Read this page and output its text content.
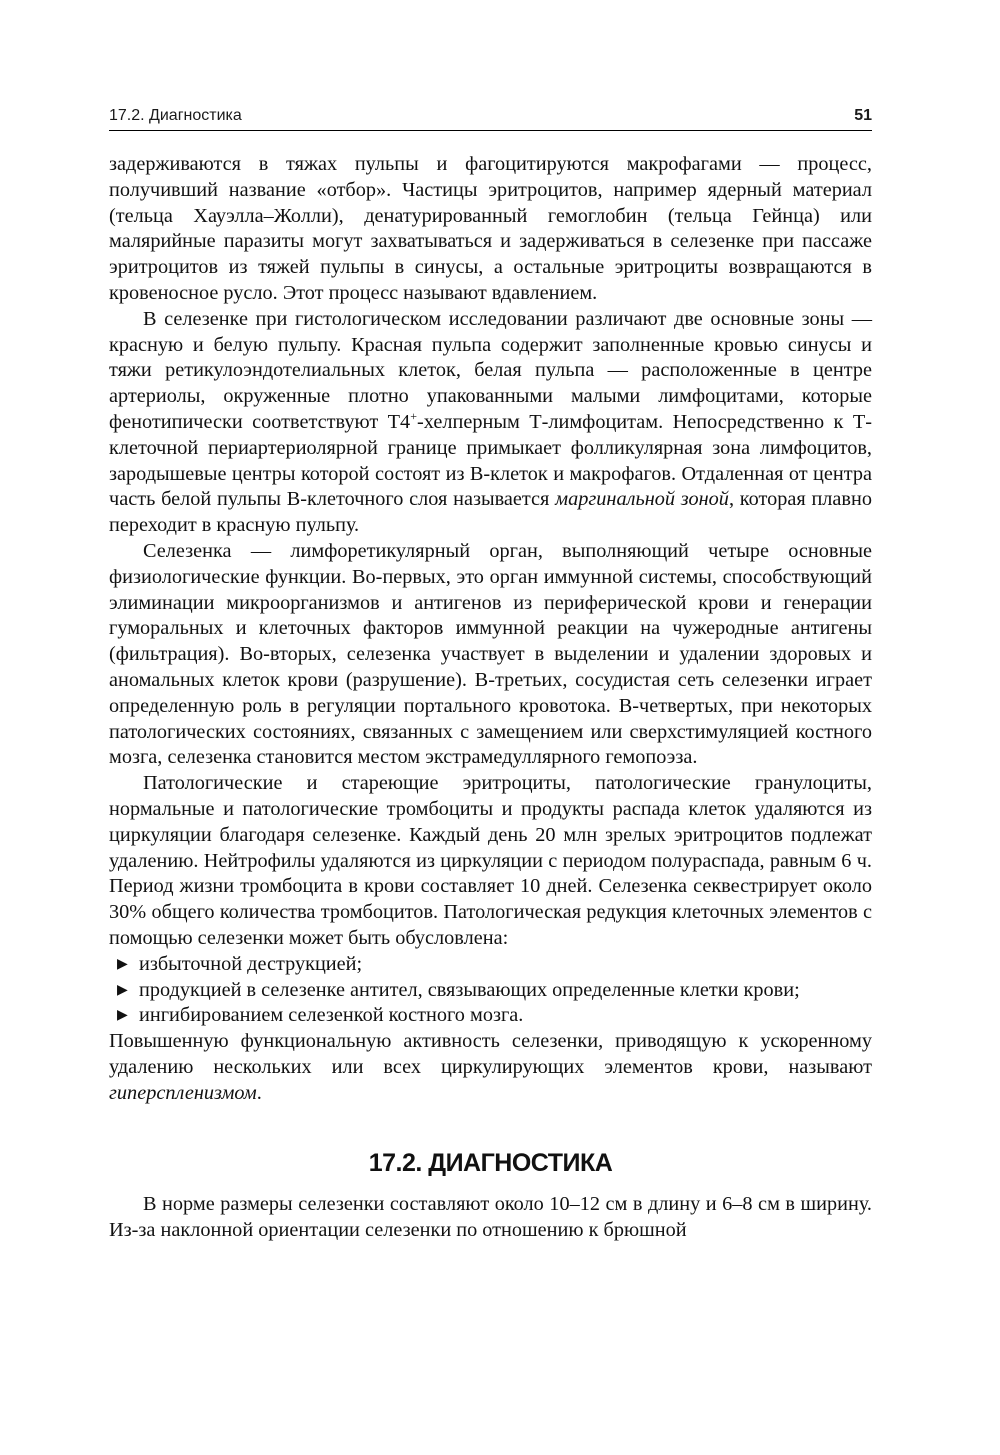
17.2. Диагностика	51

задерживаются в тяжах пульпы и фагоцитируются макрофагами — процесс, получивший название «отбор». Частицы эритроцитов, например ядерный материал (тельца Хауэлла–Жолли), денатурированный гемоглобин (тельца Гейнца) или малярийные паразиты могут захватываться и задерживаться в селезенке при пассаже эритроцитов из тяжей пульпы в синусы, а остальные эритроциты возвращаются в кровеносное русло. Этот процесс называют вдавлением.

В селезенке при гистологическом исследовании различают две основные зоны — красную и белую пульпу. Красная пульпа содержит заполненные кровью синусы и тяжи ретикулоэндотелиальных клеток, белая пульпа — расположенные в центре артериолы, окруженные плотно упакованными малыми лимфоцитами, которые фенотипически соответствуют Т4+-хелперным Т-лимфоцитам. Непосредственно к Т-клеточной периартериолярной границе примыкает фолликулярная зона лимфоцитов, зародышевые центры которой состоят из В-клеток и макрофагов. Отдаленная от центра часть белой пульпы В-клеточного слоя называется маргинальной зоной, которая плавно переходит в красную пульпу.

Селезенка — лимфоретикулярный орган, выполняющий четыре основные физиологические функции. Во-первых, это орган иммунной системы, способствующий элиминации микроорганизмов и антигенов из периферической крови и генерации гуморальных и клеточных факторов иммунной реакции на чужеродные антигены (фильтрация). Во-вторых, селезенка участвует в выделении и удалении здоровых и аномальных клеток крови (разрушение). В-третьих, сосудистая сеть селезенки играет определенную роль в регуляции портального кровотока. В-четвертых, при некоторых патологических состояниях, связанных с замещением или сверхстимуляцией костного мозга, селезенка становится местом экстрамедуллярного гемопоэза.

Патологические и стареющие эритроциты, патологические гранулоциты, нормальные и патологические тромбоциты и продукты распада клеток удаляются из циркуляции благодаря селезенке. Каждый день 20 млн зрелых эритроцитов подлежат удалению. Нейтрофилы удаляются из циркуляции с периодом полураспада, равным 6 ч. Период жизни тромбоцита в крови составляет 10 дней. Селезенка секвестрирует около 30% общего количества тромбоцитов. Патологическая редукция клеточных элементов с помощью селезенки может быть обусловлена:

▶ избыточной деструкцией;
▶ продукцией в селезенке антител, связывающих определенные клетки крови;
▶ ингибированием селезенкой костного мозга.

Повышенную функциональную активность селезенки, приводящую к ускоренному удалению нескольких или всех циркулирующих элементов крови, называют гиперспленизмом.

17.2. ДИАГНОСТИКА

В норме размеры селезенки составляют около 10–12 см в длину и 6–8 см в ширину. Из-за наклонной ориентации селезенки по отношению к брюшной
